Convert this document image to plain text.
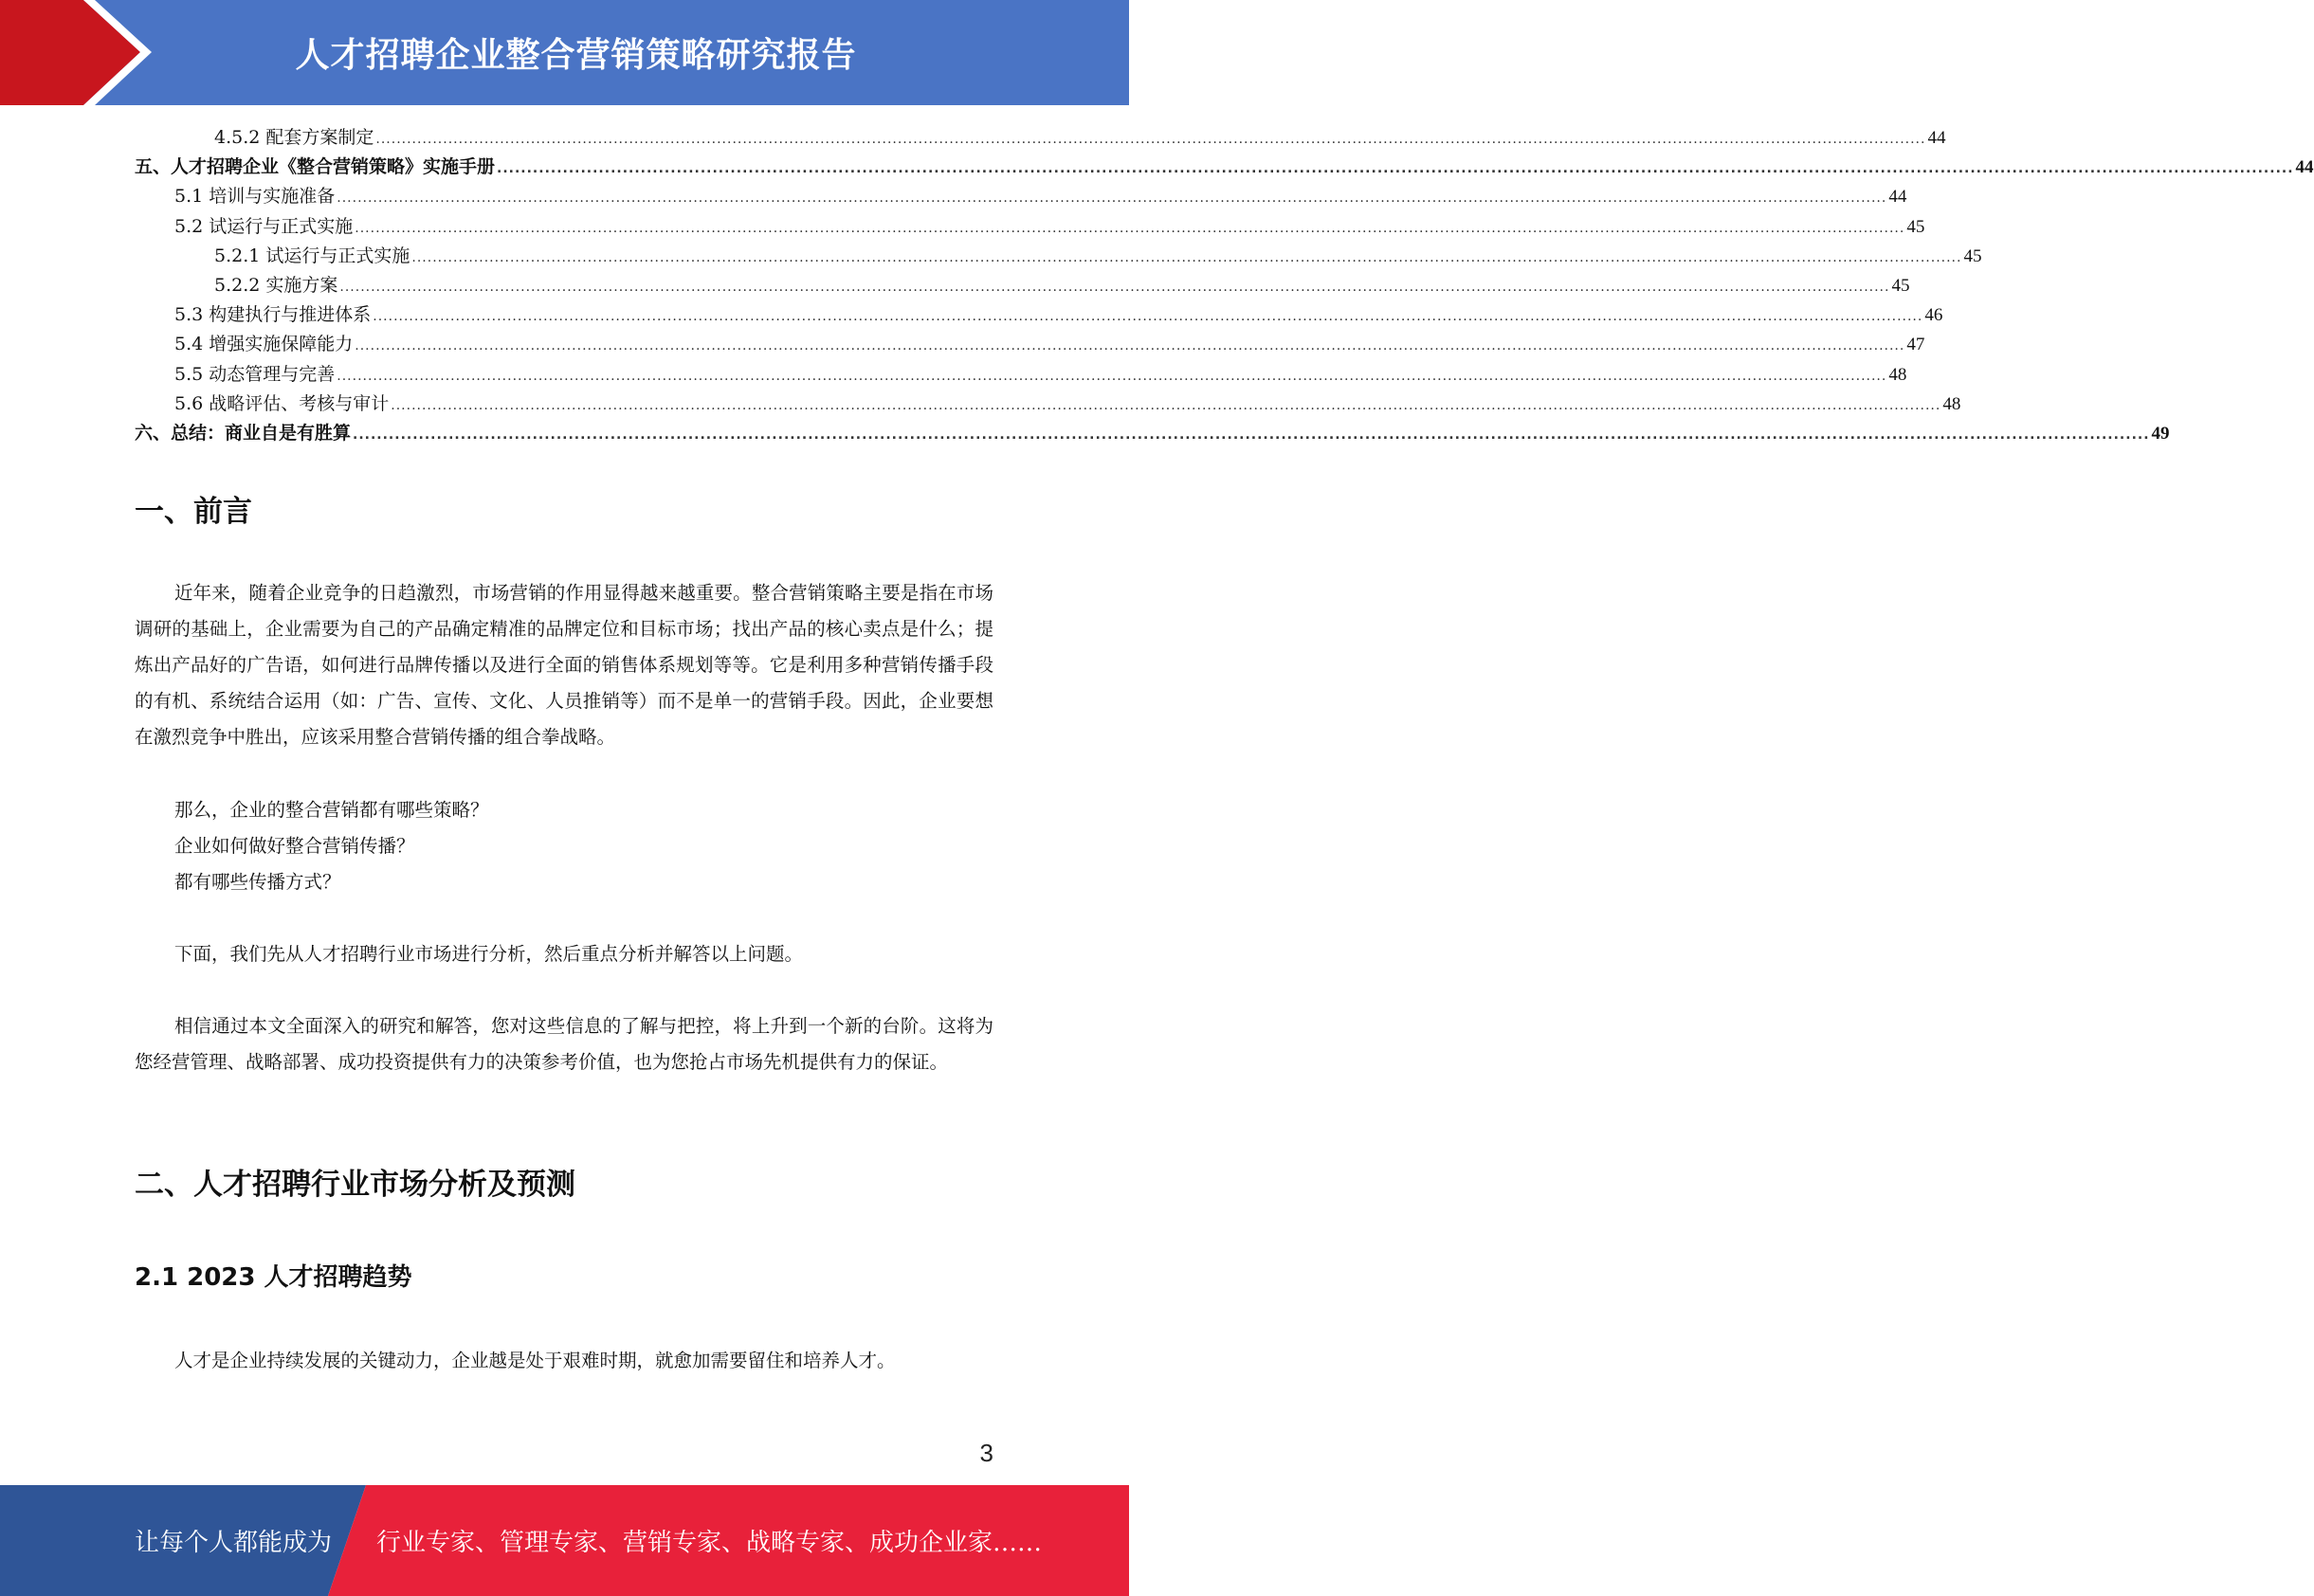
人才招聘企业整合营销策略研究报告
4.5.2 配套方案制定 ............................................................................................................................................................................................................................................................................................................ 44
五、人才招聘企业《整合营销策略》实施手册 ............................................................................................................................................................................................................................................................................................................ 44
5.1 培训与实施准备 ............................................................................................................................................................................................................................................................................................................ 44
5.2 试运行与正式实施 ............................................................................................................................................................................................................................................................................................................ 45
5.2.1 试运行与正式实施 ............................................................................................................................................................................................................................................................................................................ 45
5.2.2 实施方案 ............................................................................................................................................................................................................................................................................................................ 45
5.3 构建执行与推进体系 ............................................................................................................................................................................................................................................................................................................ 46
5.4 增强实施保障能力 ............................................................................................................................................................................................................................................................................................................ 47
5.5 动态管理与完善 ............................................................................................................................................................................................................................................................................................................ 48
5.6 战略评估、考核与审计 ............................................................................................................................................................................................................................................................................................................ 48
六、总结：商业自是有胜算 ............................................................................................................................................................................................................................................................................................................ 49
一、前言

近年来，随着企业竞争的日趋激烈，市场营销的作用显得越来越重要。整合营销策略主要是指在市场调研的基础上，企业需要为自己的产品确定精准的品牌定位和目标市场；找出产品的核心卖点是什么；提炼出产品好的广告语，如何进行品牌传播以及进行全面的销售体系规划等等。它是利用多种营销传播手段的有机、系统结合运用（如：广告、宣传、文化、人员推销等）而不是单一的营销手段。因此，企业要想在激烈竞争中胜出，应该采用整合营销传播的组合拳战略。

那么，企业的整合营销都有哪些策略？

企业如何做好整合营销传播？

都有哪些传播方式？

下面，我们先从人才招聘行业市场进行分析，然后重点分析并解答以上问题。

相信通过本文全面深入的研究和解答，您对这些信息的了解与把控，将上升到一个新的台阶。这将为您经营管理、战略部署、成功投资提供有力的决策参考价值，也为您抢占市场先机提供有力的保证。

二、人才招聘行业市场分析及预测
2.1 2023 人才招聘趋势

人才是企业持续发展的关键动力，企业越是处于艰难时期，就愈加需要留住和培养人才。

3
让每个人都能成为 行业专家、管理专家、营销专家、战略专家、成功企业家……
